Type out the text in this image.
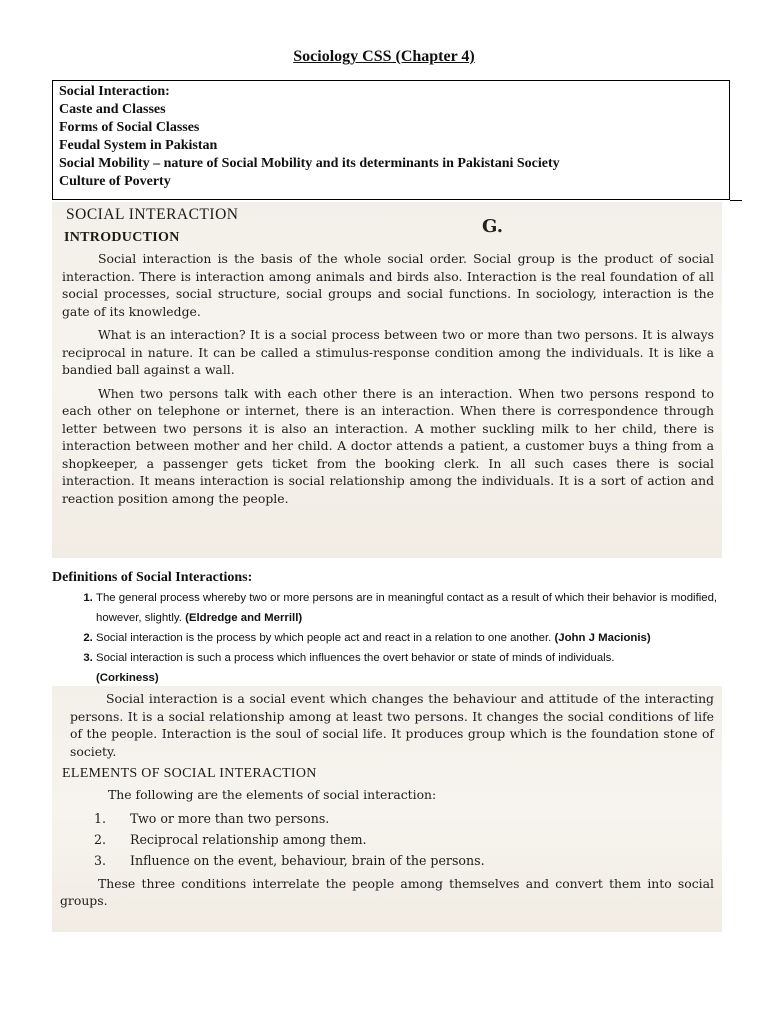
Sociology CSS (Chapter 4)
Social Interaction:
Caste and Classes
Forms of Social Classes
Feudal System in Pakistan
Social Mobility – nature of Social Mobility and its determinants in Pakistani Society
Culture of Poverty
G.
SOCIAL INTERACTION
INTRODUCTION

Social interaction is the basis of the whole social order. Social group is the product of social interaction. There is interaction among animals and birds also. Interaction is the real foundation of all social processes, social structure, social groups and social functions. In sociology, interaction is the gate of its knowledge.

What is an interaction? It is a social process between two or more than two persons. It is always reciprocal in nature. It can be called a stimulus-response condition among the individuals. It is like a bandied ball against a wall.

When two persons talk with each other there is an interaction. When two persons respond to each other on telephone or internet, there is an interaction. When there is correspondence through letter between two persons it is also an interaction. A mother suckling milk to her child, there is interaction between mother and her child. A doctor attends a patient, a customer buys a thing from a shopkeeper, a passenger gets ticket from the booking clerk. In all such cases there is social interaction. It means interaction is social relationship among the individuals. It is a sort of action and reaction position among the people.

Definitions of Social Interactions:
1. The general process whereby two or more persons are in meaningful contact as a result of which their behavior is modified, however, slightly. (Eldredge and Merrill)
2. Social interaction is the process by which people act and react in a relation to one another. (John J Macionis)
3. Social interaction is such a process which influences the overt behavior or state of minds of individuals.
(Corkiness)

Social interaction is a social event which changes the behaviour and attitude of the interacting persons. It is a social relationship among at least two persons. It changes the social conditions of life of the people. Interaction is the soul of social life. It produces group which is the foundation stone of society.

ELEMENTS OF SOCIAL INTERACTION

The following are the elements of social interaction:

1. Two or more than two persons.
2. Reciprocal relationship among them.
3. Influence on the event, behaviour, brain of the persons.

These three conditions interrelate the people among themselves and convert them into social groups.
